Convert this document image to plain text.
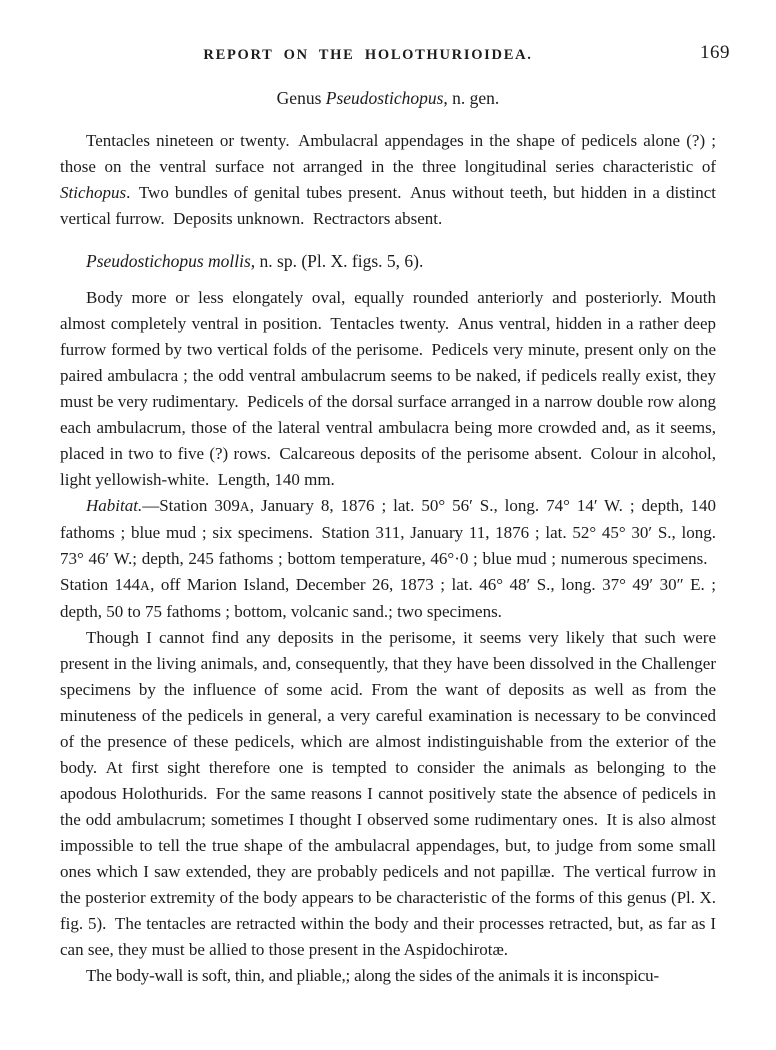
REPORT ON THE HOLOTHURIOIDEA.	169
Genus Pseudostichopus, n. gen.

Tentacles nineteen or twenty. Ambulacral appendages in the shape of pedicels alone (?) ; those on the ventral surface not arranged in the three longitudinal series characteristic of Stichopus. Two bundles of genital tubes present. Anus without teeth, but hidden in a distinct vertical furrow. Deposits unknown. Rectractors absent.

Pseudostichopus mollis, n. sp. (Pl. X. figs. 5, 6).

Body more or less elongately oval, equally rounded anteriorly and posteriorly. Mouth almost completely ventral in position. Tentacles twenty. Anus ventral, hidden in a rather deep furrow formed by two vertical folds of the perisome. Pedicels very minute, present only on the paired ambulacra ; the odd ventral ambulacrum seems to be naked, if pedicels really exist, they must be very rudimentary. Pedicels of the dorsal surface arranged in a narrow double row along each ambulacrum, those of the lateral ventral ambulacra being more crowded and, as it seems, placed in two to five (?) rows. Calcareous deposits of the perisome absent. Colour in alcohol, light yellowish-white. Length, 140 mm.

Habitat.—Station 309A, January 8, 1876 ; lat. 50° 56′ S., long. 74° 14′ W. ; depth, 140 fathoms ; blue mud ; six specimens. Station 311, January 11, 1876 ; lat. 52° 45° 30′ S., long. 73° 46′ W.; depth, 245 fathoms ; bottom temperature, 46°·0 ; blue mud ; numerous specimens. Station 144A, off Marion Island, December 26, 1873 ; lat. 46° 48′ S., long. 37° 49′ 30″ E. ; depth, 50 to 75 fathoms ; bottom, volcanic sand.; two specimens.

Though I cannot find any deposits in the perisome, it seems very likely that such were present in the living animals, and, consequently, that they have been dissolved in the Challenger specimens by the influence of some acid. From the want of deposits as well as from the minuteness of the pedicels in general, a very careful examination is necessary to be convinced of the presence of these pedicels, which are almost indistinguishable from the exterior of the body. At first sight therefore one is tempted to consider the animals as belonging to the apodous Holothurids. For the same reasons I cannot positively state the absence of pedicels in the odd ambulacrum; sometimes I thought I observed some rudimentary ones. It is also almost impossible to tell the true shape of the ambulacral appendages, but, to judge from some small ones which I saw extended, they are probably pedicels and not papillæ. The vertical furrow in the posterior extremity of the body appears to be characteristic of the forms of this genus (Pl. X. fig. 5). The tentacles are retracted within the body and their processes retracted, but, as far as I can see, they must be allied to those present in the Aspidochirotæ.

The body-wall is soft, thin, and pliable,; along the sides of the animals it is inconspicu-
